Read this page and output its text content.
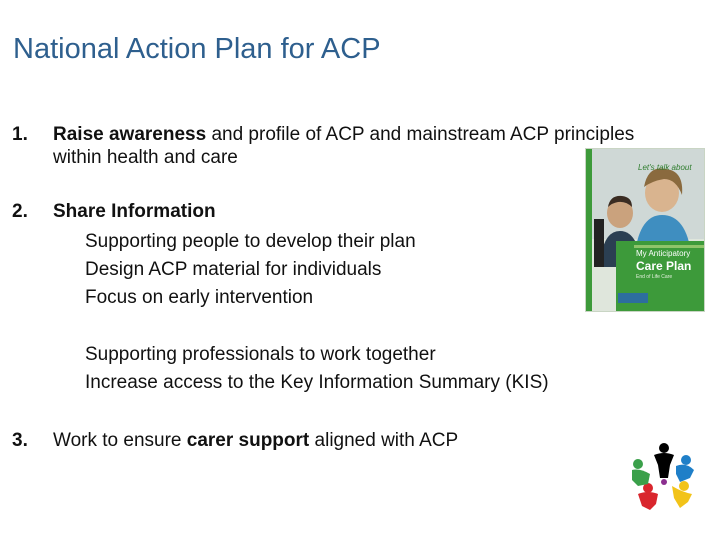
National Action Plan for ACP
1.	Raise awareness and profile of ACP and mainstream ACP principles
within health and care
2.	Share Information
Supporting people to develop their plan
Design ACP material for individuals
Focus on early intervention
Supporting professionals to work together
Increase access to the Key Information Summary (KIS)
3.	Work to ensure carer support aligned with ACP
Let's talk about
My Anticipatory
Care Plan
End of Life Care
